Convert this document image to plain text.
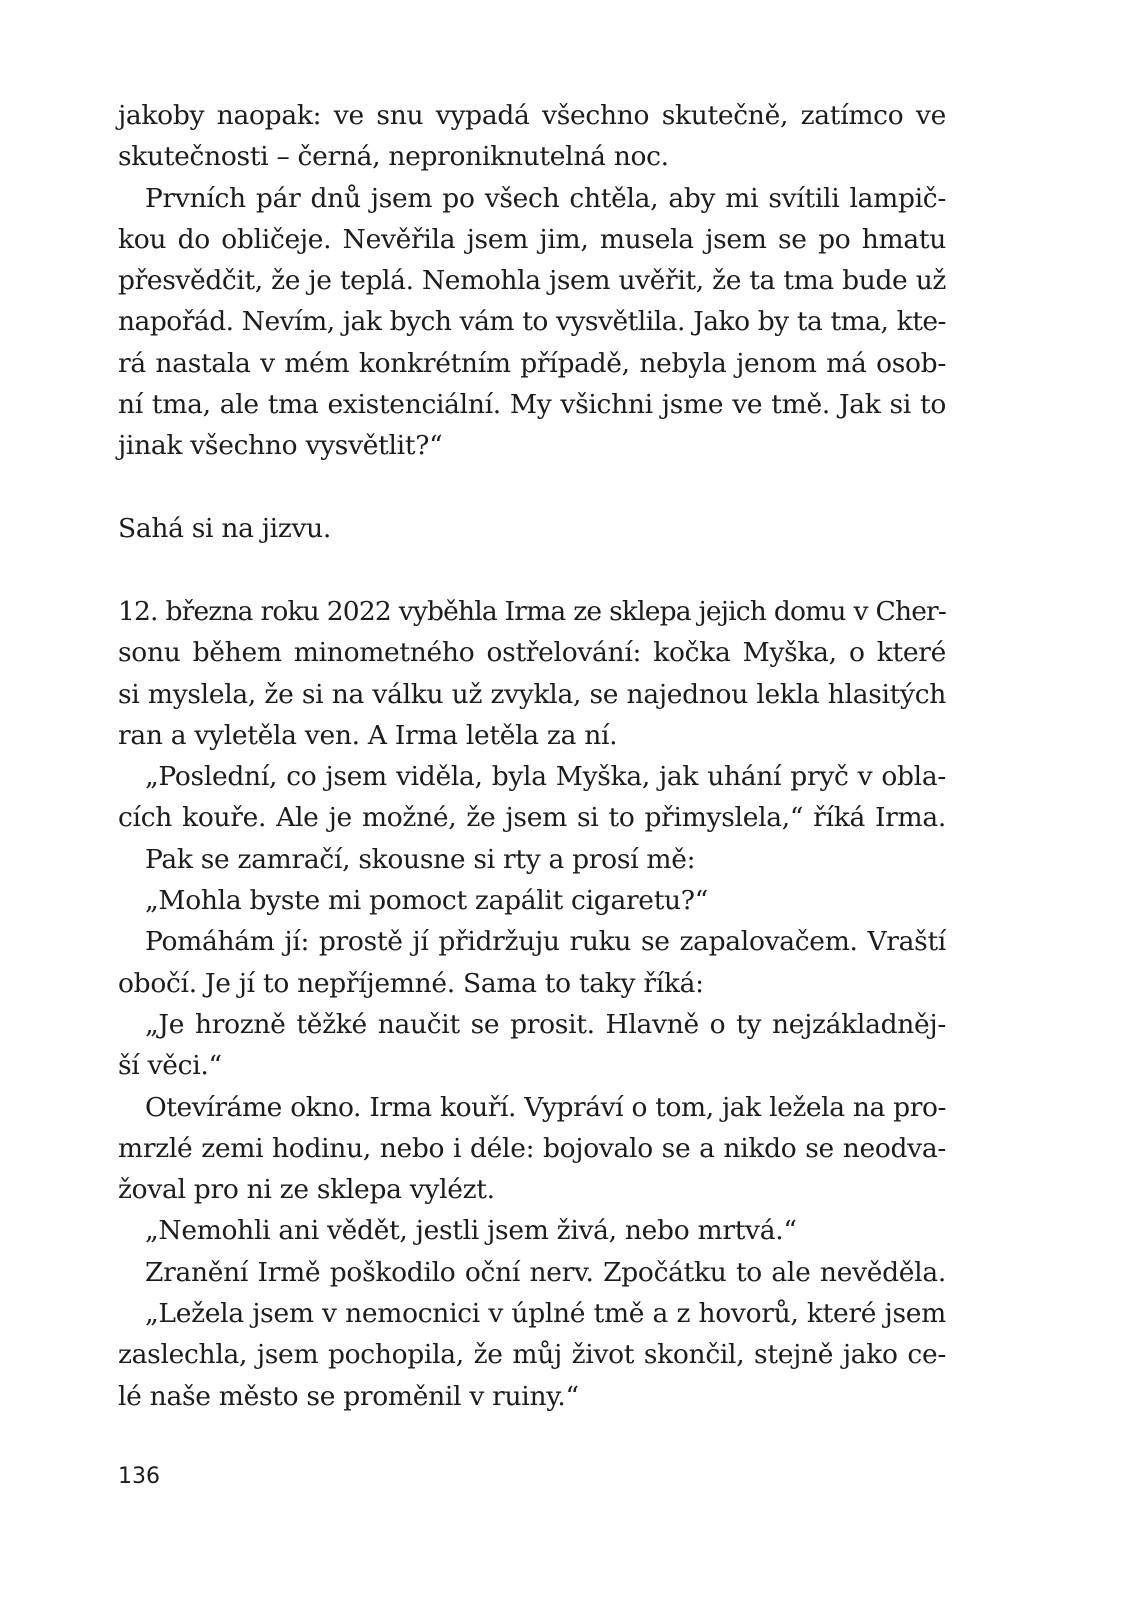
jakoby naopak: ve snu vypadá všechno skutečně, zatímco ve
skutečnosti – černá, neproniknutelná noc.
Prvních pár dnů jsem po všech chtěla, aby mi svítili lampič-
kou do obličeje. Nevěřila jsem jim, musela jsem se po hmatu
přesvědčit, že je teplá. Nemohla jsem uvěřit, že ta tma bude už
napořád. Nevím, jak bych vám to vysvětlila. Jako by ta tma, kte-
rá nastala v mém konkrétním případě, nebyla jenom má osob-
ní tma, ale tma existenciální. My všichni jsme ve tmě. Jak si to
jinak všechno vysvětlit?“
Sahá si na jizvu.
12. března roku 2022 vyběhla Irma ze sklepa jejich domu v Cher-
sonu během minometného ostřelování: kočka Myška, o které
si myslela, že si na válku už zvykla, se najednou lekla hlasitých
ran a vyletěla ven. A Irma letěla za ní.
„Poslední, co jsem viděla, byla Myška, jak uhání pryč v obla-
cích kouře. Ale je možné, že jsem si to přimyslela,“ říká Irma.
Pak se zamračí, skousne si rty a prosí mě:
„Mohla byste mi pomoct zapálit cigaretu?“
Pomáhám jí: prostě jí přidržuju ruku se zapalovačem. Vraští
obočí. Je jí to nepříjemné. Sama to taky říká:
„Je hrozně těžké naučit se prosit. Hlavně o ty nejzákladněj-
ší věci.“
Otevíráme okno. Irma kouří. Vypráví o tom, jak ležela na pro-
mrzlé zemi hodinu, nebo i déle: bojovalo se a nikdo se neodva-
žoval pro ni ze sklepa vylézt.
„Nemohli ani vědět, jestli jsem živá, nebo mrtvá.“
Zranění Irmě poškodilo oční nerv. Zpočátku to ale nevěděla.
„Ležela jsem v nemocnici v úplné tmě a z hovorů, které jsem
zaslechla, jsem pochopila, že můj život skončil, stejně jako ce-
lé naše město se proměnil v ruiny.“
136
